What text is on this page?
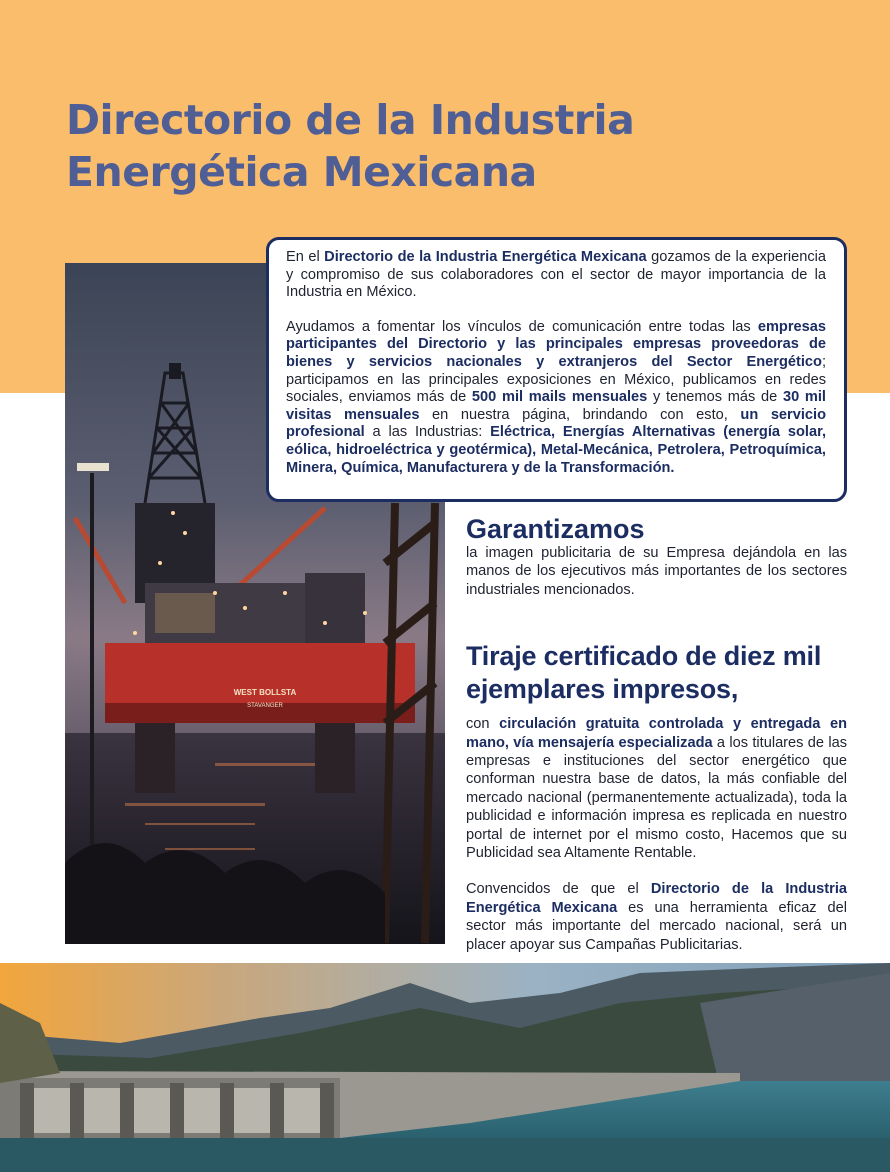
Directorio de la Industria
Energética Mexicana
WEST BOLLSTA
STAVANGER

En el Directorio de la Industria Energética Mexicana gozamos de la experiencia y compromiso de sus colaboradores con el sector de mayor importancia de la Industria en México.

Ayudamos a fomentar los vínculos de comunicación entre todas las empresas participantes del Directorio y las principales empresas proveedoras de bienes y servicios nacionales y extranjeros del Sector Energético; participamos en las principales exposiciones en México, publicamos en redes sociales, enviamos más de 500 mil mails mensuales y tenemos más de 30 mil visitas mensuales en nuestra página, brindando con esto, un servicio profesional a las Industrias: Eléctrica, Energías Alternativas (energía solar, eólica, hidroeléctrica y geotérmica), Metal-Mecánica, Petrolera, Petroquímica, Minera, Química, Manufacturera y de la Transformación.

Garantizamos

la imagen publicitaria de su Empresa dejándola en las manos de los ejecutivos más importantes de los sectores industriales mencionados.

Tiraje certificado de diez mil ejemplares impresos,

con circulación gratuita controlada y entregada en mano, vía mensajería especializada a los titulares de las empresas e instituciones del sector energético que conforman nuestra base de datos, la más confiable del mercado nacional (permanentemente actualizada), toda la publicidad e información impresa es replicada en nuestro portal de internet por el mismo costo, Hacemos que su Publicidad sea Altamente Rentable.

Convencidos de que el Directorio de la Industria Energética Mexicana es una herramienta eficaz del sector más importante del mercado nacional, será un placer apoyar sus Campañas Publicitarias.
